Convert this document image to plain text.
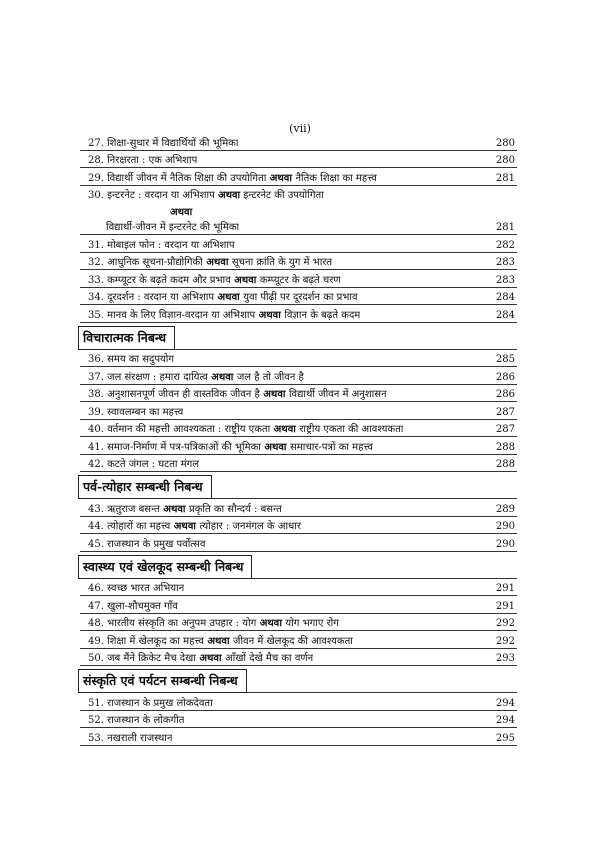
(vii)
27. शिक्षा-सुधार में विद्यार्थियों की भूमिका	280
28. निरक्षरता : एक अभिशाप	280
29. विद्यार्थी जीवन में नैतिक शिक्षा की उपयोगिता अथवा नैतिक शिक्षा का महत्त्व	281
30. इन्टरनेट : वरदान या अभिशाप अथवा इन्टरनेट की उपयोगिता
अथवा
विद्यार्थी-जीवन में इन्टरनेट की भूमिका	281
31. मोबाइल फोन : वरदान या अभिशाप	282
32. आधुनिक सूचना-प्रौद्योगिकी अथवा सूचना क्रांति के युग में भारत	283
33. कम्प्यूटर के बढ़ते कदम और प्रभाव अथवा कम्प्यूटर के बढ़ते चरण	283
34. दूरदर्शन : वरदान या अभिशाप अथवा युवा पीढ़ी पर दूरदर्शन का प्रभाव	284
35. मानव के लिए विज्ञान-वरदान या अभिशाप अथवा विज्ञान के बढ़ते कदम	284
विचारात्मक निबन्ध
36. समय का सदुपयोग	285
37. जल संरक्षण : हमारा दायित्व अथवा जल है तो जीवन है	286
38. अनुशासनपूर्ण जीवन ही वास्तविक जीवन है अथवा विद्यार्थी जीवन में अनुशासन	286
39. स्वावलम्बन का महत्त्व	287
40. वर्तमान की महत्ती आवश्यकता : राष्ट्रीय एकता अथवा राष्ट्रीय एकता की आवश्यकता	287
41. समाज-निर्माण में पत्र-पत्रिकाओं की भूमिका अथवा समाचार-पत्रों का महत्त्व	288
42. कटते जंगल : घटता मंगल	288
पर्व-त्योहार सम्बन्धी निबन्ध
43. ऋतुराज बसन्त अथवा प्रकृति का सौन्दर्य : बसन्त	289
44. त्योहारों का महत्त्व अथवा त्योहार : जनमंगल के आधार	290
45. राजस्थान के प्रमुख पर्वोत्सव	290
स्वास्थ्य एवं खेलकूद सम्बन्धी निबन्ध
46. स्वच्छ भारत अभियान	291
47. खुला-शौचमुक्त गाँव	291
48. भारतीय संस्कृति का अनुपम उपहार : योग अथवा योग भगाए रोग	292
49. शिक्षा में खेलकूद का महत्त्व अथवा जीवन में खेलकूद की आवश्यकता	292
50. जब मैंने क्रिकेट मैच देखा अथवा आँखों देखे मैच का वर्णन	293
संस्कृति एवं पर्यटन सम्बन्धी निबन्ध
51. राजस्थान के प्रमुख लोकदेवता	294
52. राजस्थान के लोकगीत	294
53. नखराली राजस्थान	295
